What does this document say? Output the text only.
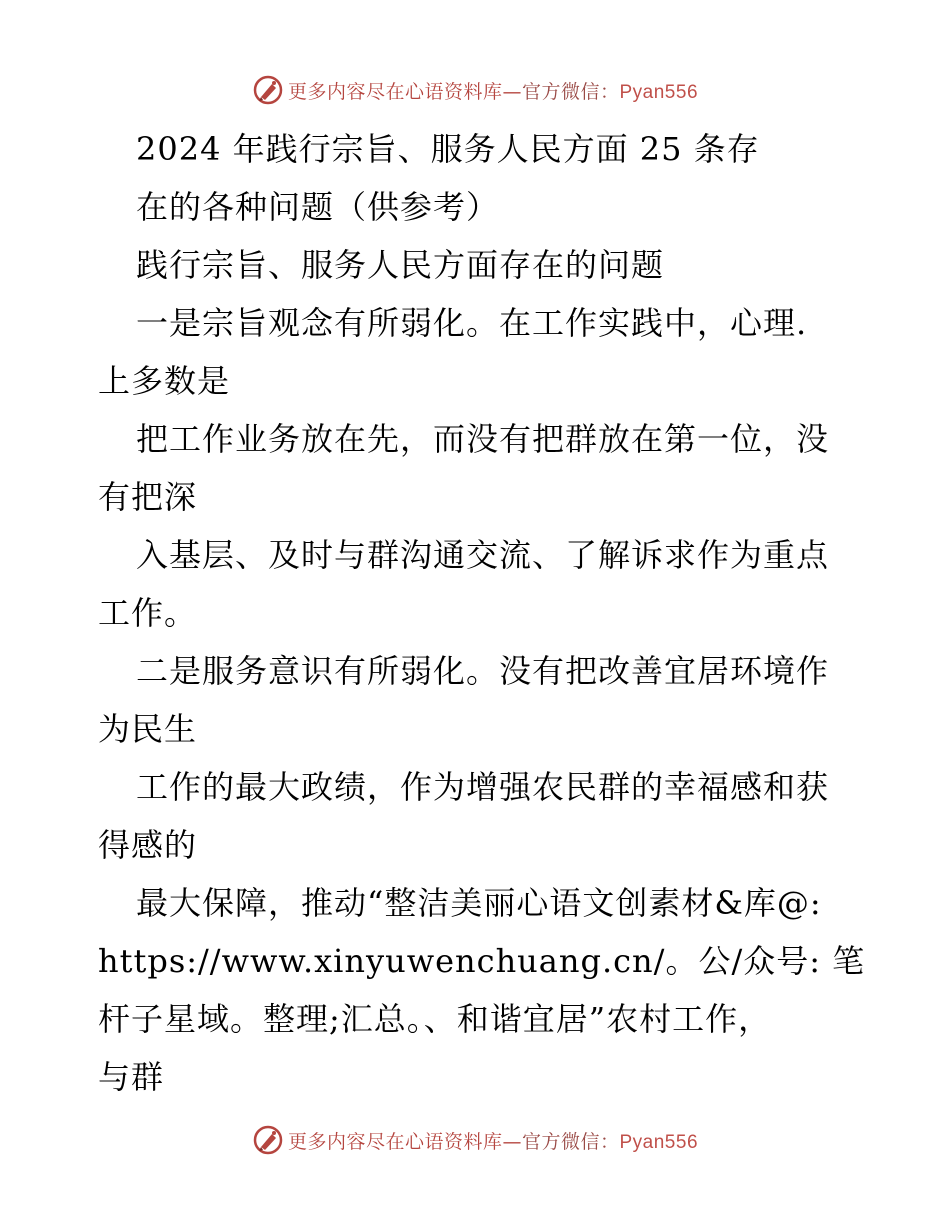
更多内容尽在心语资料库—官方微信：Pyan556
2024 年践行宗旨、服务人民方面 25 条存
在的各种问题（供参考）
践行宗旨、服务人民方面存在的问题
一是宗旨观念有所弱化。在工作实践中，心理.
上多数是
把工作业务放在先，而没有把群放在第一位，没
有把深
入基层、及时与群沟通交流、了解诉求作为重点
工作。
二是服务意识有所弱化。没有把改善宜居环境作
为民生
工作的最大政绩，作为增强农民群的幸福感和获
得感的
最大保障，推动“整洁美丽心语文创素材&库@:
https://www.xinyuwenchuang.cn/。公/众号: 笔
杆子星域。整理;汇总。、和谐宜居”农村工作，
与群
更多内容尽在心语资料库—官方微信：Pyan556
